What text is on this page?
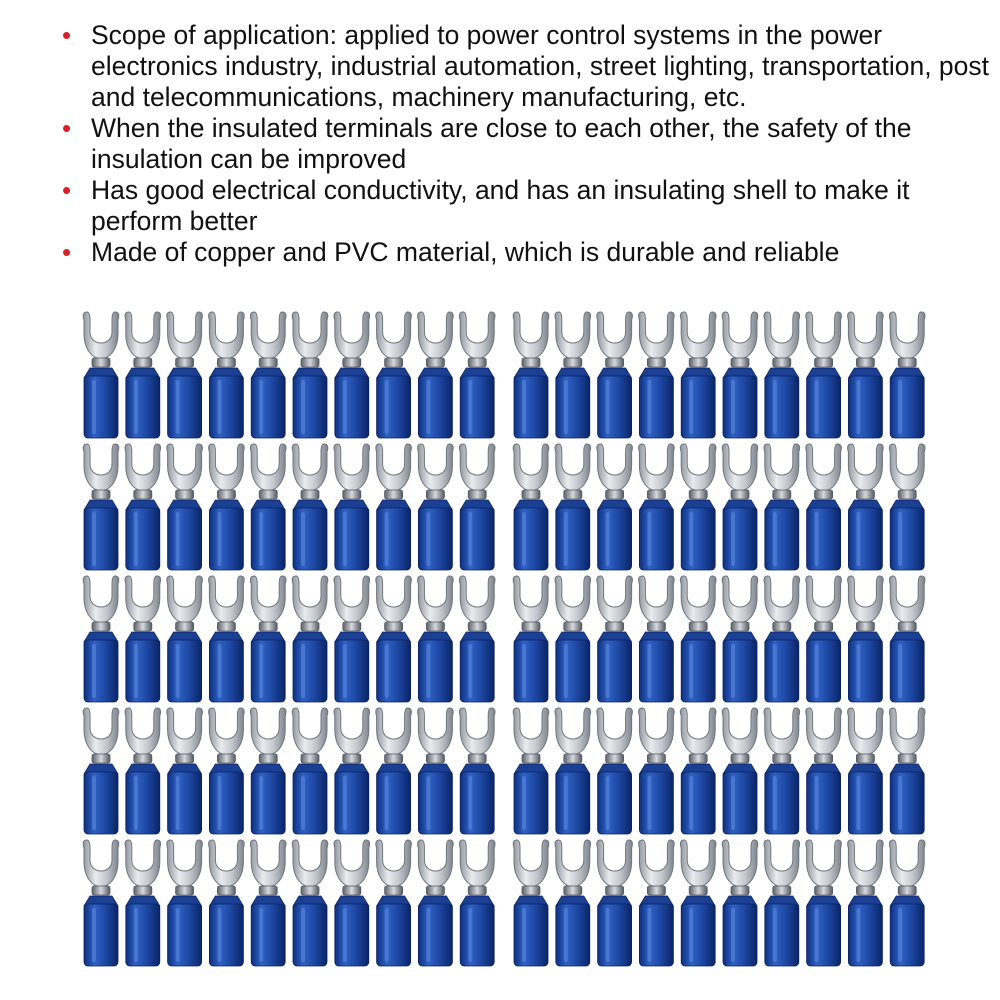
• Scope of application: applied to power control systems in the power electronics industry, industrial automation, street lighting, transportation, post and telecommunications, machinery manufacturing, etc.
• When the insulated terminals are close to each other, the safety of the insulation can be improved
• Has good electrical conductivity, and has an insulating shell to make it perform better
• Made of copper and PVC material, which is durable and reliable
